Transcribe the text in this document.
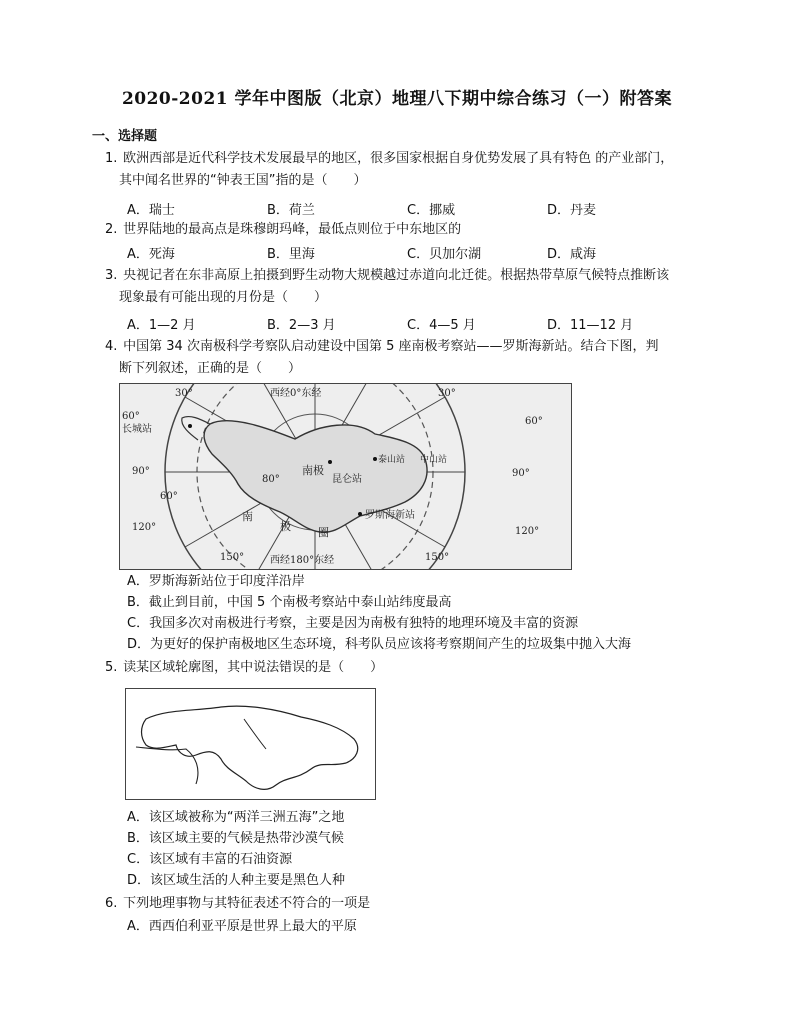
2020-2021 学年中图版（北京）地理八下期中综合练习（一）附答案
一、选择题
1. 欧洲西部是近代科学技术发展最早的地区，很多国家根据自身优势发展了具有特色 的产业部门，
其中闻名世界的“钟表王国”指的是（　　）
A．瑞士	B．荷兰	C．挪威	D．丹麦
2. 世界陆地的最高点是珠穆朗玛峰，最低点则位于中东地区的
A．死海	B．里海	C．贝加尔湖	D．咸海
3. 央视记者在东非高原上拍摄到野生动物大规模越过赤道向北迁徙。根据热带草原气候特点推断该
现象最有可能出现的月份是（　　）
A．1—2 月	B．2—3 月	C．4—5 月	D．11—12 月
4. 中国第 34 次南极科学考察队启动建设中国第 5 座南极考察站——罗斯海新站。结合下图，判
断下列叙述，正确的是（　　）
西经0°东经
西经180°东经
60°
80°
30°
60°
90°
120°
150°
30°
60°
90°
120°
150°
长城站
南极
泰山站 中山站
昆仑站
罗斯海新站
南
极 圈
A．罗斯海新站位于印度洋沿岸
B．截止到目前，中国 5 个南极考察站中泰山站纬度最高
C．我国多次对南极进行考察，主要是因为南极有独特的地理环境及丰富的资源
D．为更好的保护南极地区生态环境，科考队员应该将考察期间产生的垃圾集中抛入大海
5. 读某区域轮廓图，其中说法错误的是（　　）
A．该区域被称为“两洋三洲五海”之地
B．该区域主要的气候是热带沙漠气候
C．该区域有丰富的石油资源
D．该区域生活的人种主要是黑色人种
6. 下列地理事物与其特征表述不符合的一项是
A．西西伯利亚平原是世界上最大的平原
